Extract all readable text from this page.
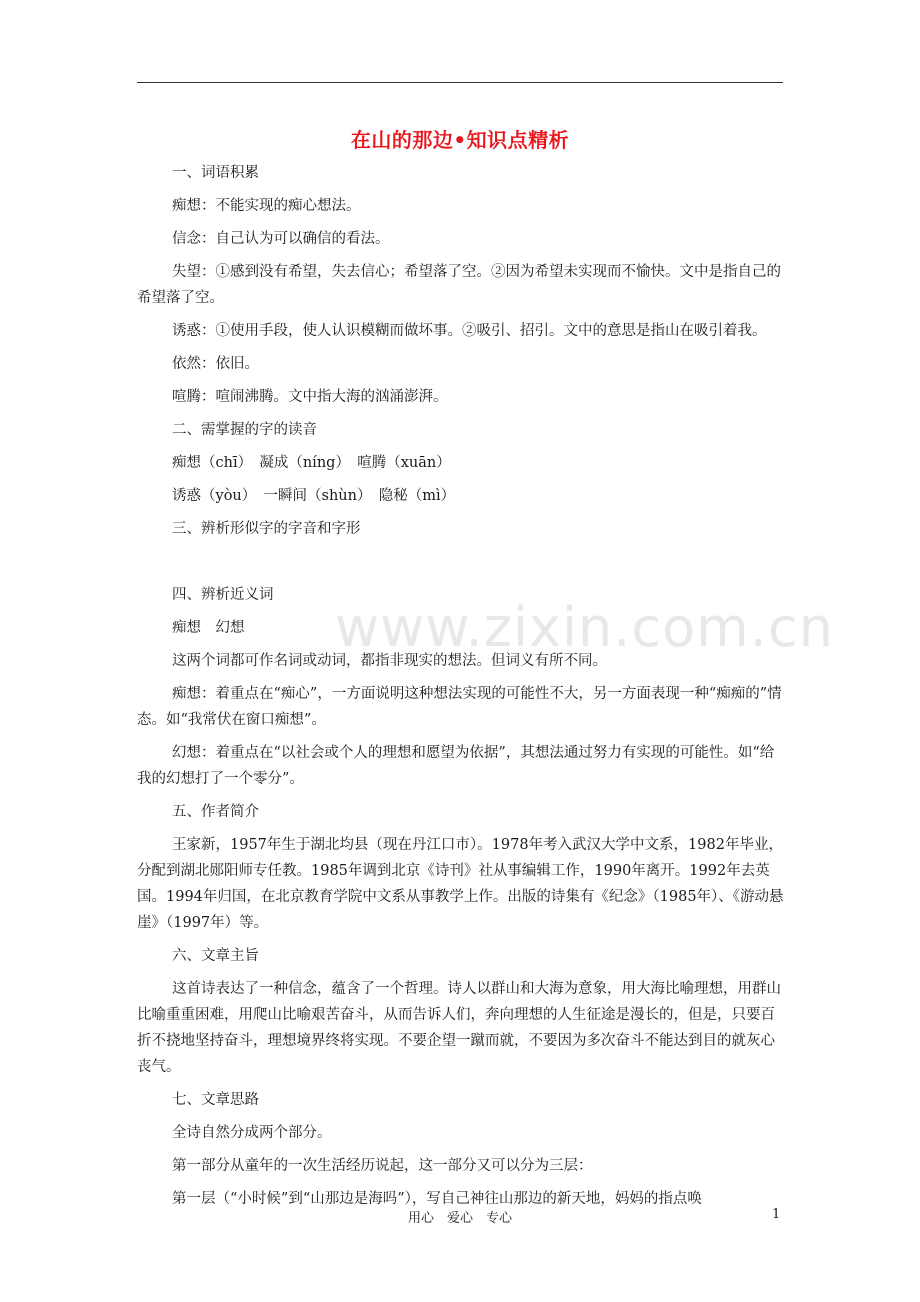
在山的那边•知识点精析

一、词语积累

痴想：不能实现的痴心想法。

信念：自己认为可以确信的看法。

失望：①感到没有希望，失去信心；希望落了空。②因为希望未实现而不愉快。文中是指自己的希望落了空。

诱惑：①使用手段，使人认识模糊而做坏事。②吸引、招引。文中的意思是指山在吸引着我。

依然：依旧。

喧腾：喧闹沸腾。文中指大海的汹涌澎湃。

二、需掌握的字的读音

痴想（chī）　凝成（níng）　喧腾（xuān）

诱惑（yòu）　一瞬间（shùn）　隐秘（mì）

三、辨析形似字的字音和字形

四、辨析近义词

痴想　幻想

这两个词都可作名词或动词，都指非现实的想法。但词义有所不同。

痴想：着重点在“痴心”，一方面说明这种想法实现的可能性不大，另一方面表现一种“痴痴的”情态。如“我常伏在窗口痴想”。

幻想：着重点在“以社会或个人的理想和愿望为依据”，其想法通过努力有实现的可能性。如“给我的幻想打了一个零分”。

五、作者简介

王家新，1957年生于湖北均县（现在丹江口市）。1978年考入武汉大学中文系，1982年毕业，分配到湖北郧阳师专任教。1985年调到北京《诗刊》社从事编辑工作，1990年离开。1992年去英国。1994年归国，在北京教育学院中文系从事教学上作。出版的诗集有《纪念》（1985年）、《游动悬崖》（1997年）等。

六、文章主旨

这首诗表达了一种信念，蕴含了一个哲理。诗人以群山和大海为意象，用大海比喻理想，用群山比喻重重困难，用爬山比喻艰苦奋斗，从而告诉人们，奔向理想的人生征途是漫长的，但是，只要百折不挠地坚持奋斗，理想境界终将实现。不要企望一蹴而就，不要因为多次奋斗不能达到目的就灰心丧气。

七、文章思路

全诗自然分成两个部分。

第一部分从童年的一次生活经历说起，这一部分又可以分为三层：

第一层（“小时候”到“山那边是海吗”），写自己神往山那边的新天地，妈妈的指点唤

www.zixin.com.cn
用心　爱心　专心	1
